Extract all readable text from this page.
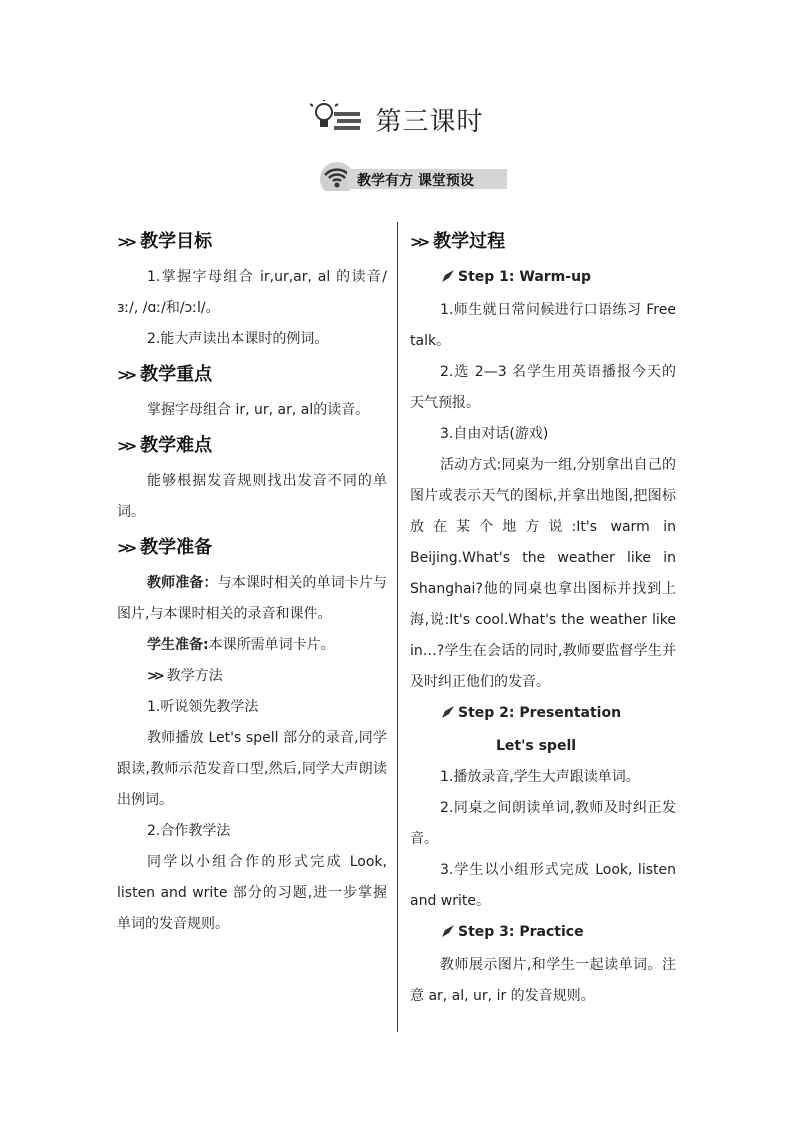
第三课时
教学有方 课堂预设
>> 教学目标

1.掌握字母组合 ir,ur,ar, al 的读音/ɜː/, /ɑː/和/ɔːl/。

2.能大声读出本课时的例词。

>> 教学重点

掌握字母组合 ir, ur, ar, al的读音。

>> 教学难点

能够根据发音规则找出发音不同的单词。

>> 教学准备

教师准备：与本课时相关的单词卡片与图片,与本课时相关的录音和课件。

学生准备:本课所需单词卡片。

>> 教学方法

1.听说领先教学法

教师播放 Let's spell 部分的录音,同学跟读,教师示范发音口型,然后,同学大声朗读出例词。

2.合作教学法

同学以小组合作的形式完成 Look, listen and write 部分的习题,进一步掌握单词的发音规则。

>> 教学过程
Step 1: Warm-up

1.师生就日常问候进行口语练习 Free talk。

2.选 2—3 名学生用英语播报今天的天气预报。

3.自由对话(游戏)

活动方式:同桌为一组,分别拿出自己的图片或表示天气的图标,并拿出地图,把图标放在某个地方说:It's warm in Beijing.What's the weather like in Shanghai?他的同桌也拿出图标并找到上海,说:It's cool.What's the weather like in…?学生在会话的同时,教师要监督学生并及时纠正他们的发音。

Step 2: Presentation
Let's spell

1.播放录音,学生大声跟读单词。

2.同桌之间朗读单词,教师及时纠正发音。

3.学生以小组形式完成 Look, listen and write。

Step 3: Practice

教师展示图片,和学生一起读单词。注意 ar, al, ur, ir 的发音规则。
